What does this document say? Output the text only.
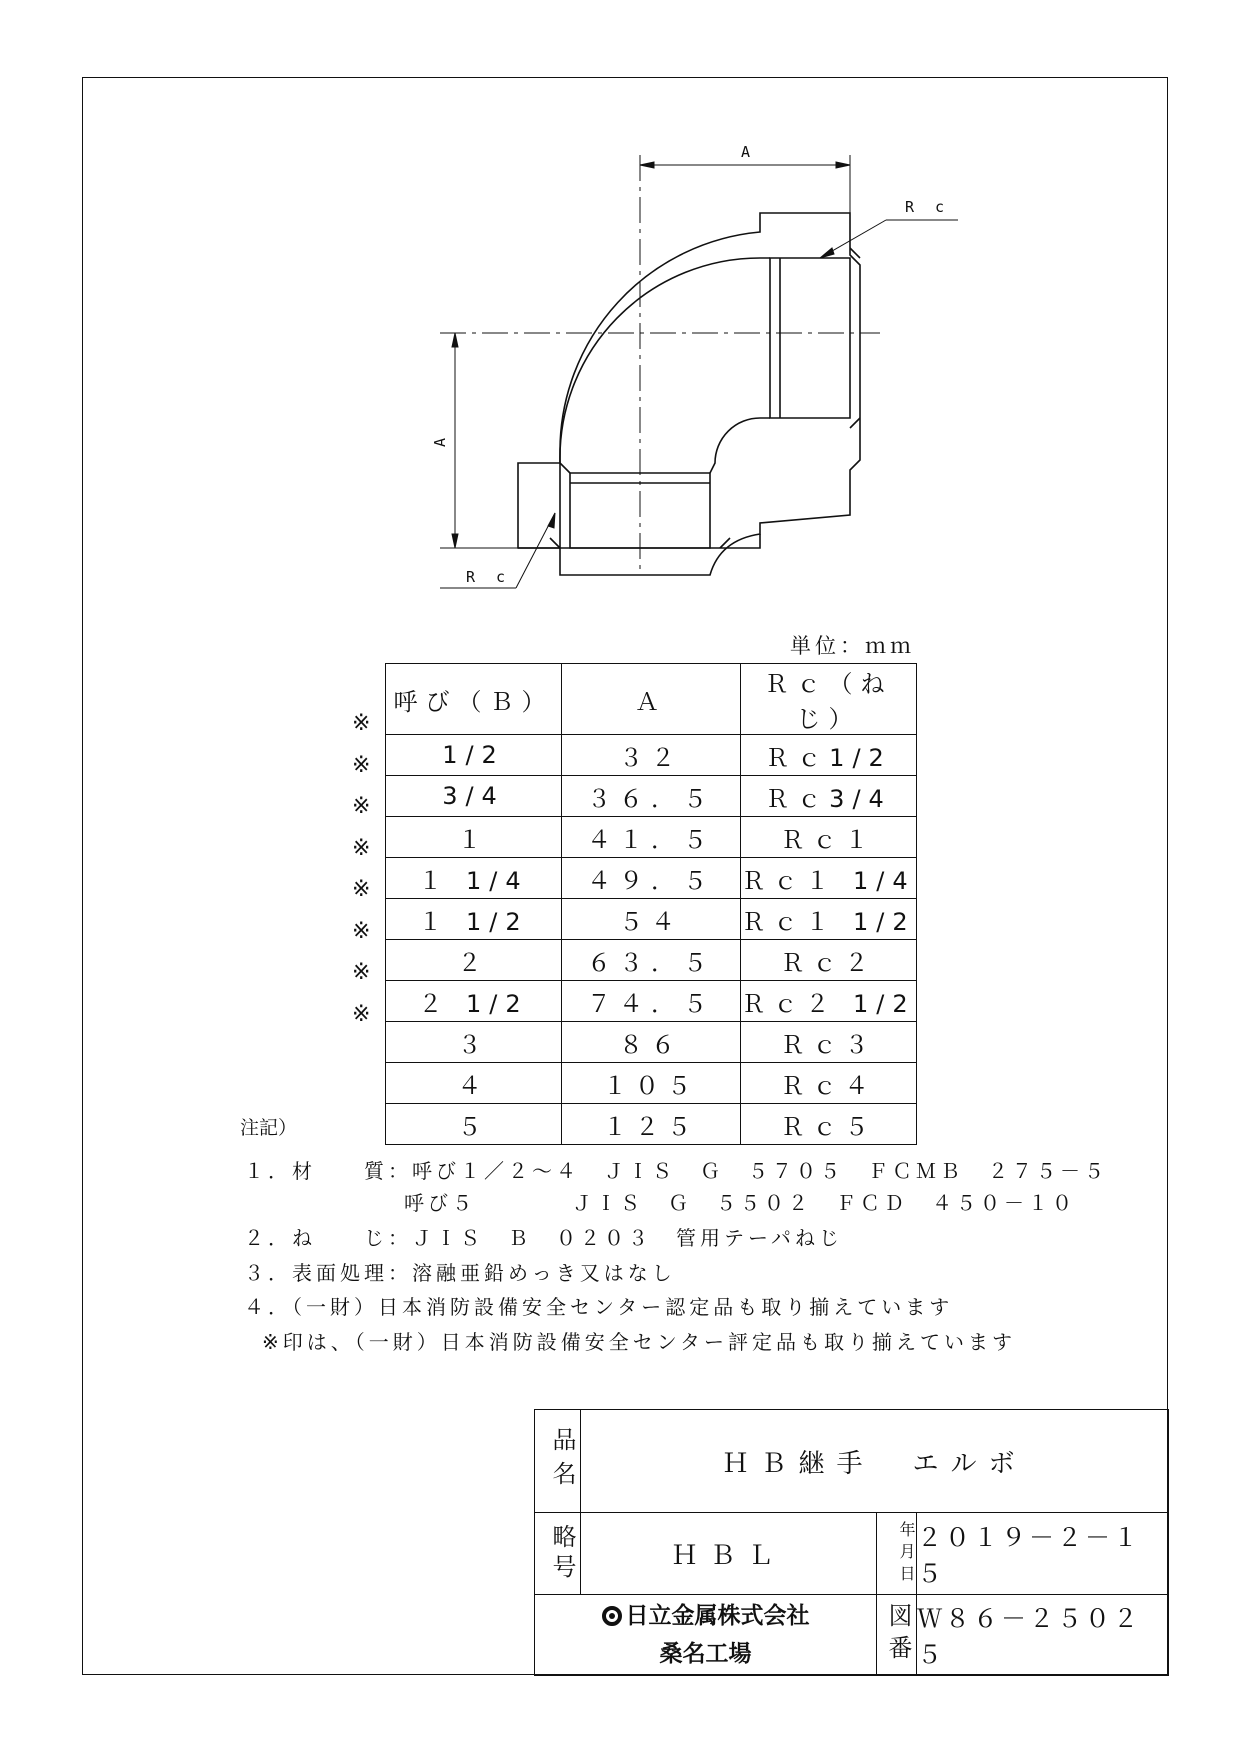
A
A
R c
R c
単位：ｍｍ
※
※
※
※
※
※
※
※
呼び（Ｂ）	Ａ	Ｒｃ（ねじ）
1/2	３２	Ｒｃ1/2
3/4	３６．５	Ｒｃ3/4
１	４１．５	Ｒｃ１
１ 1/4	４９．５	Ｒｃ１ 1/4
１ 1/2	５４	Ｒｃ１ 1/2
２	６３．５	Ｒｃ２
２ 1/2	７４．５	Ｒｃ２ 1/2
３	８６	Ｒｃ３
４	１０５	Ｒｃ４
５	１２５	Ｒｃ５
注記）
１．材　　質：呼び１／２～４　ＪＩＳ　Ｇ　５７０５　ＦＣＭＢ　２７５－５
呼び５　　　　ＪＩＳ　Ｇ　５５０２　ＦＣＤ　４５０－１０
２．ね　　じ：ＪＩＳ　Ｂ　０２０３　管用テーパねじ
３．表面処理：溶融亜鉛めっき又はなし
４．（一財）日本消防設備安全センター認定品も取り揃えています
※印は、（一財）日本消防設備安全センター評定品も取り揃えています
品名	ＨＢ継手　エルボ
略号	ＨＢＬ	年月日 ２０１９－２－１５
日立金属株式会社
桑名工場	図番 Ｗ８６－２５０２５
